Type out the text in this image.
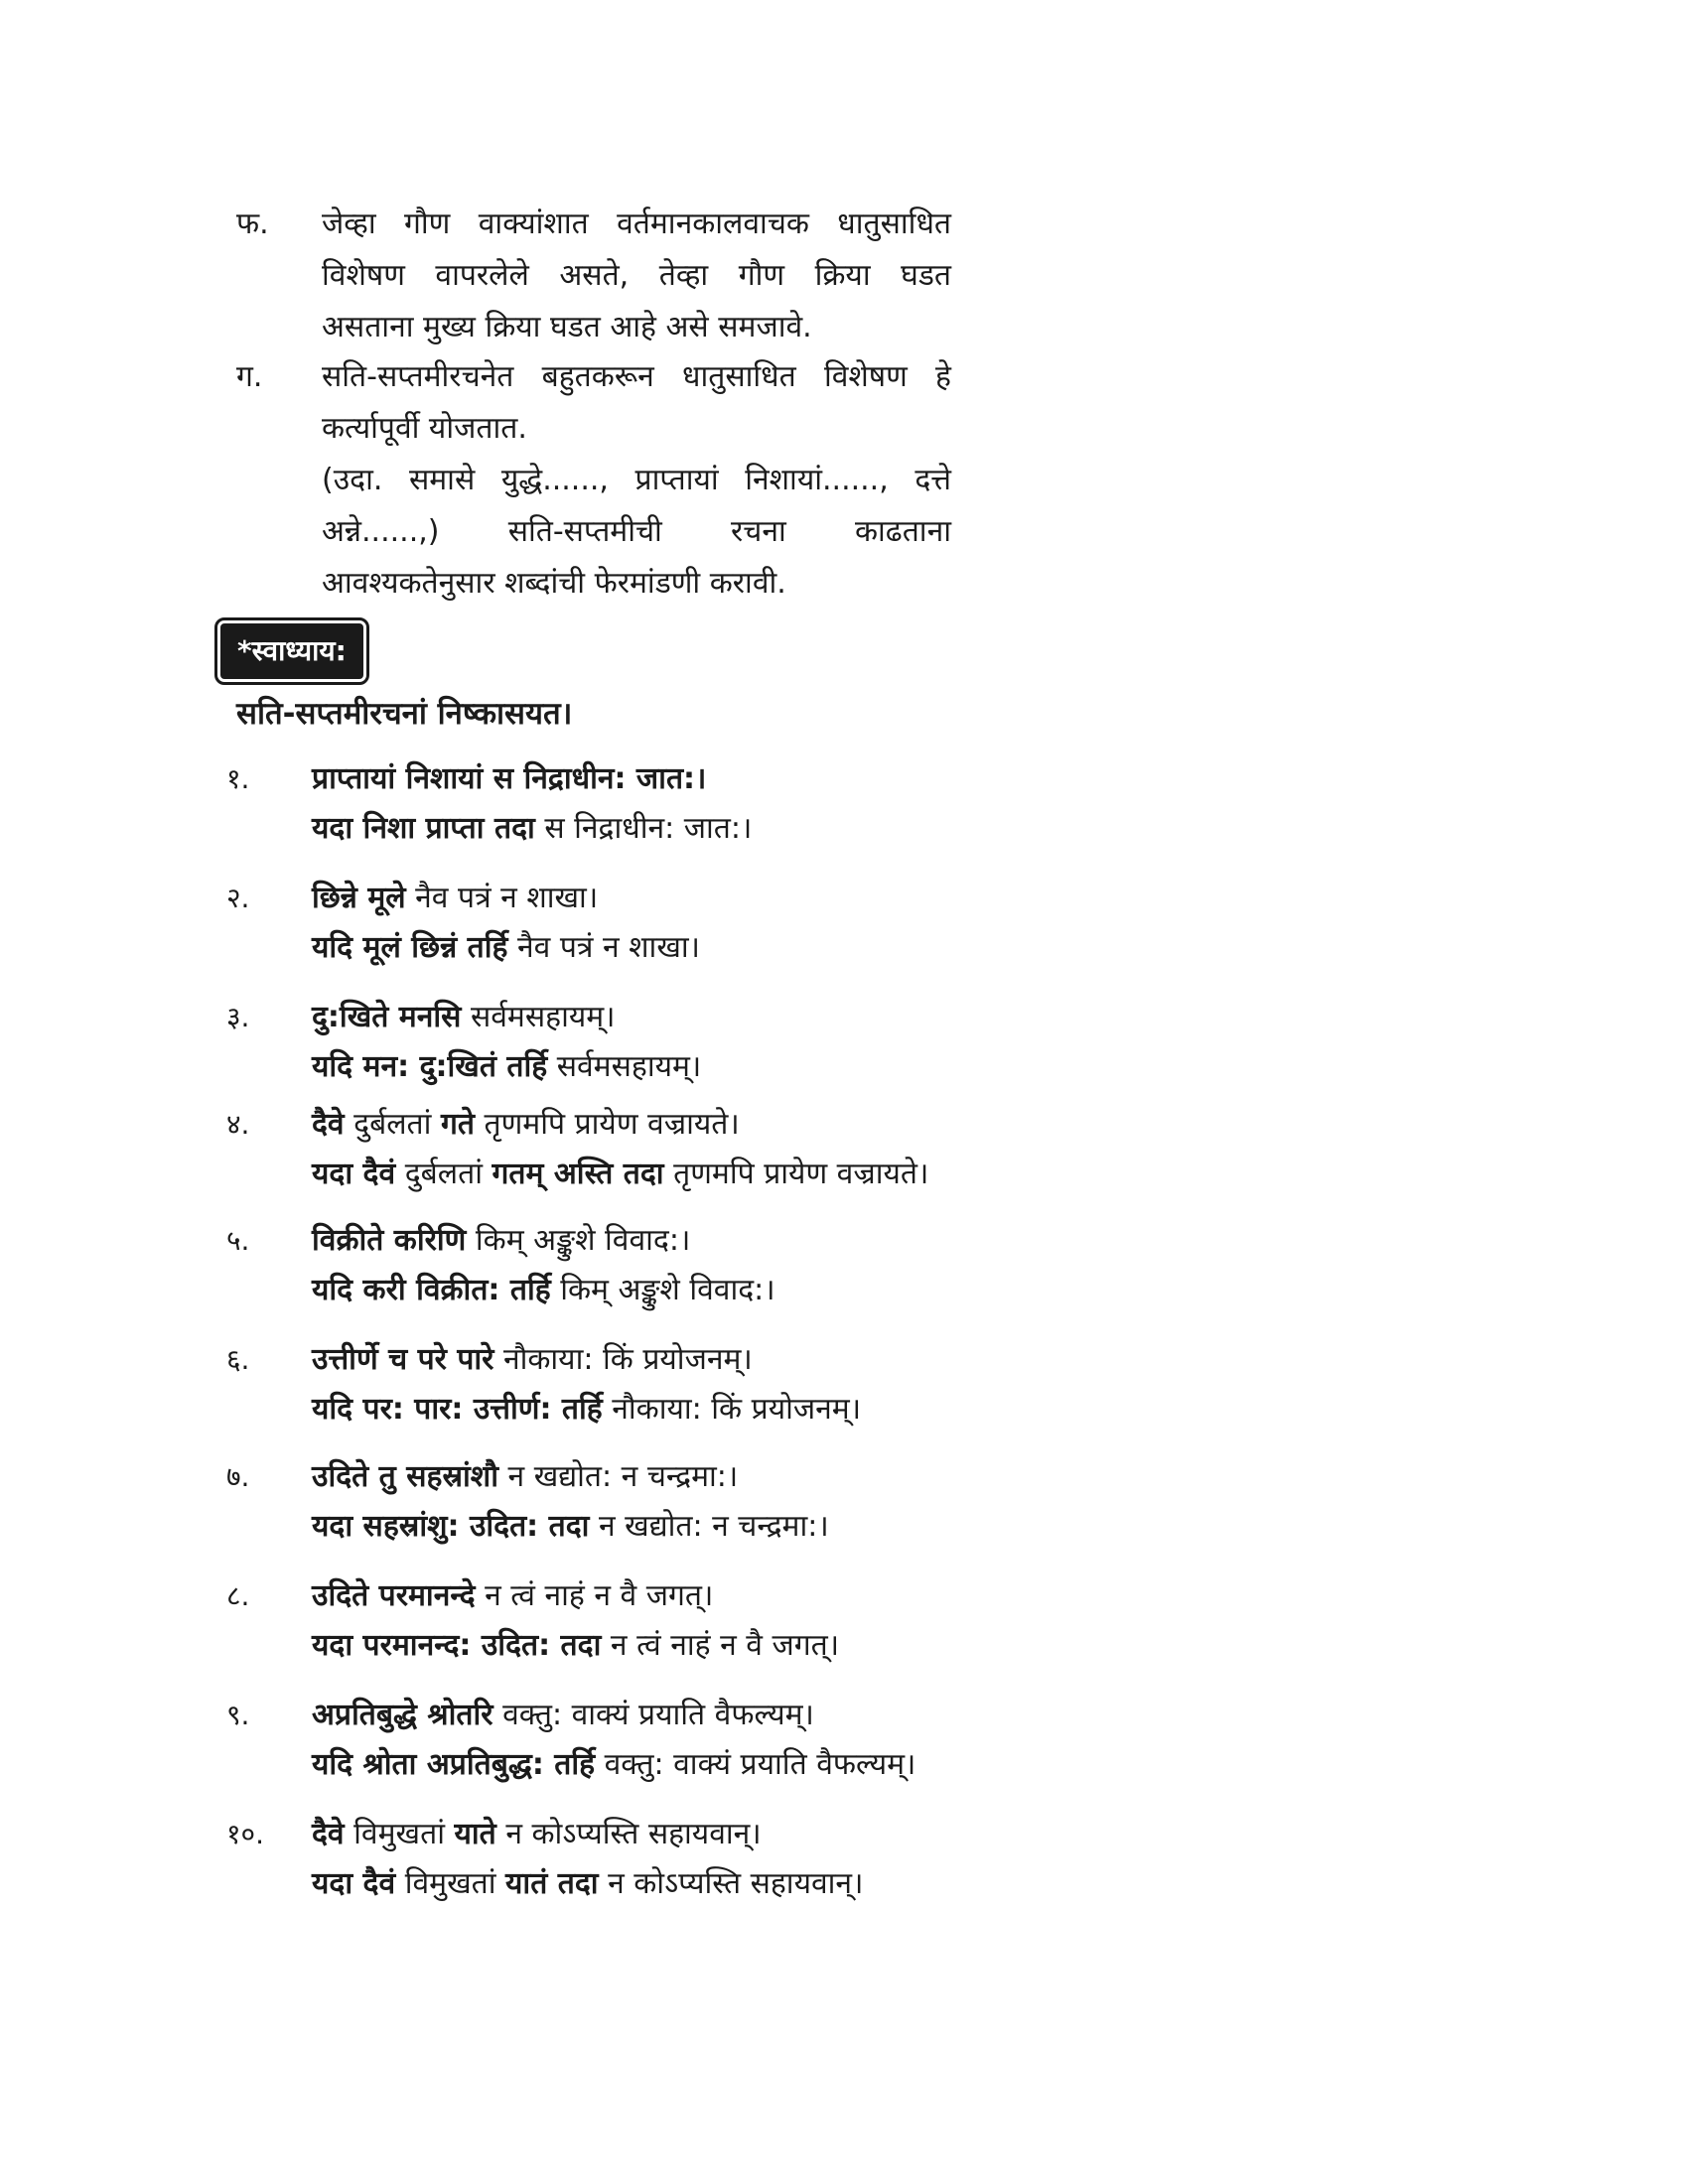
फ. जेव्हा गौण वाक्यांशात वर्तमानकालवाचक धातुसाधित
विशेषण वापरलेले असते, तेव्हा गौण क्रिया घडत
असताना मुख्य क्रिया घडत आहे असे समजावे.
ग. सति-सप्तमीरचनेत बहुतकरून धातुसाधित विशेषण हे
कर्त्यापूर्वी योजतात.
(उदा. समासे युद्धे......, प्राप्तायां निशायां......, दत्ते
अन्ने......,) सति-सप्तमीची रचना काढताना
आवश्यकतेनुसार शब्दांची फेरमांडणी करावी.
*स्वाध्याय:
सति-सप्तमीरचनां निष्कासयत।
१. प्राप्तायां निशायां स निद्राधीन: जात:।
यदा निशा प्राप्ता तदा स निद्राधीन: जात:।
२. छिन्ने मूले नैव पत्रं न शाखा।
यदि मूलं छिन्नं तर्हि नैव पत्रं न शाखा।
३. दु:खिते मनसि सर्वमसहायम्।
यदि मन: दु:खितं तर्हि सर्वमसहायम्।
४. दैवे दुर्बलतां गते तृणमपि प्रायेण वज्रायते।
यदा दैवं दुर्बलतां गतम् अस्ति तदा तृणमपि प्रायेण वज्रायते।
५. विक्रीते करिणि किम् अङ्कुशे विवाद:।
यदि करी विक्रीत: तर्हि किम् अङ्कुशे विवाद:।
६. उत्तीर्णे च परे पारे नौकाया: किं प्रयोजनम्।
यदि पर: पार: उत्तीर्ण: तर्हि नौकाया: किं प्रयोजनम्।
७. उदिते तु सहस्रांशौ न खद्योत: न चन्द्रमा:।
यदा सहस्रांशु: उदित: तदा न खद्योत: न चन्द्रमा:।
८. उदिते परमानन्दे न त्वं नाहं न वै जगत्।
यदा परमानन्द: उदित: तदा न त्वं नाहं न वै जगत्।
९. अप्रतिबुद्धे श्रोतरि वक्तु: वाक्यं प्रयाति वैफल्यम्।
यदि श्रोता अप्रतिबुद्ध: तर्हि वक्तु: वाक्यं प्रयाति वैफल्यम्।
१०. दैवे विमुखतां याते न कोऽप्यस्ति सहायवान्।
यदा दैवं विमुखतां यातं तदा न कोऽप्यस्ति सहायवान्।
